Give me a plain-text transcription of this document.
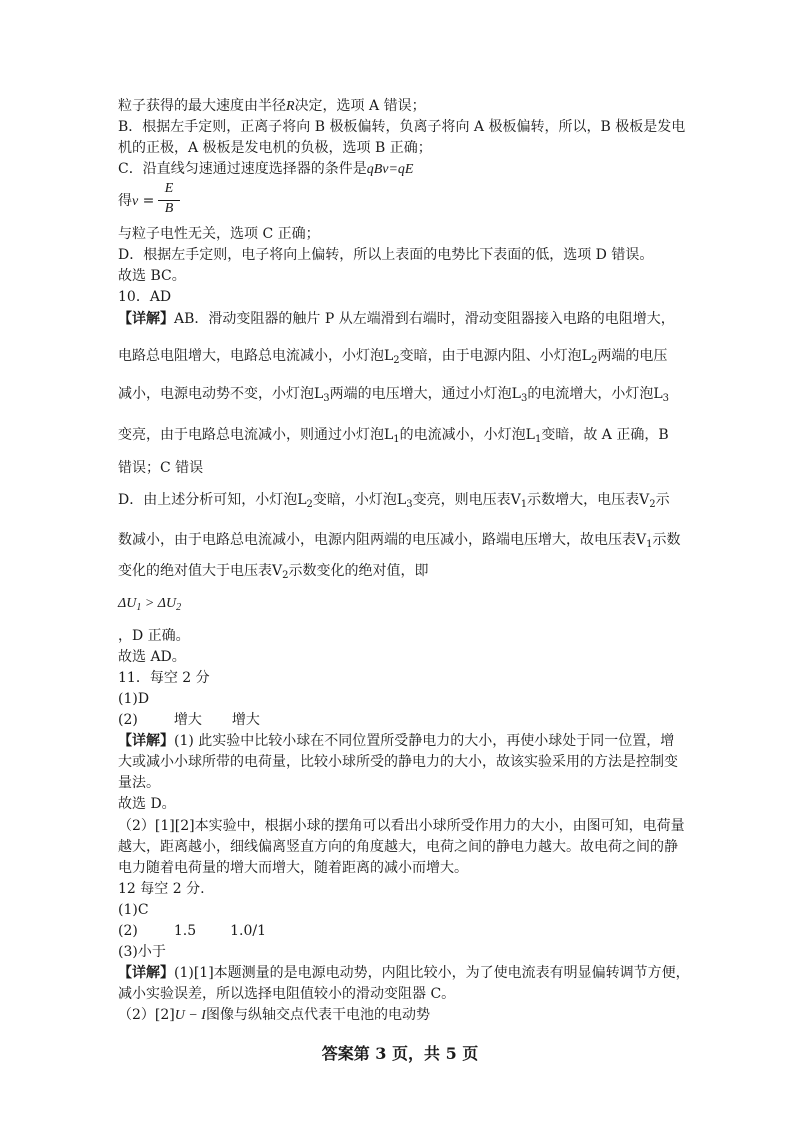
粒子获得的最大速度由半径R决定，选项 A 错误；
B．根据左手定则，正离子将向 B 极板偏转，负离子将向 A 极板偏转，所以，B 极板是发电
机的正极，A 极板是发电机的负极，选项 B 正确；
C．沿直线匀速通过速度选择器的条件是qBv=qE
得v =
E
B
与粒子电性无关，选项 C 正确；
D．根据左手定则，电子将向上偏转，所以上表面的电势比下表面的低，选项 D 错误。
故选 BC。
10．AD
【详解】AB．滑动变阻器的触片 P 从左端滑到右端时，滑动变阻器接入电路的电阻增大，
电路总电阻增大，电路总电流减小，小灯泡$L_2$变暗，由于电源内阻、小灯泡$L_2$两端的电压
减小，电源电动势不变，小灯泡$L_3$两端的电压增大，通过小灯泡$L_3$的电流增大，小灯泡$L_3$
变亮，由于电路总电流减小，则通过小灯泡$L_1$的电流减小，小灯泡$L_1$变暗，故 A 正确，B
错误；C 错误
D．由上述分析可知，小灯泡$L_2$变暗，小灯泡$L_3$变亮，则电压表$V_1$示数增大，电压表$V_2$示
数减小，由于电路总电流减小，电源内阻两端的电压减小，路端电压增大，故电压表$V_1$示数
变化的绝对值大于电压表$V_2$示数变化的绝对值，即
$\Delta U_1 > \Delta U_2$
，D 正确。
故选 AD。
11．每空 2 分
(1)D
(2)	增大 增大
【详解】(1) 此实验中比较小球在不同位置所受静电力的大小，再使小球处于同一位置，增
大或减小小球所带的电荷量，比较小球所受的静电力的大小，故该实验采用的方法是控制变
量法。
故选 D。
（2）[1][2]本实验中，根据小球的摆角可以看出小球所受作用力的大小，由图可知，电荷量
越大，距离越小，细线偏离竖直方向的角度越大，电荷之间的静电力越大。故电荷之间的静
电力随着电荷量的增大而增大，随着距离的减小而增大。
12 每空 2 分.
(1)C
(2)	1.5 1.0/1
(3)小于
【详解】(1)[1]本题测量的是电源电动势，内阻比较小，为了使电流表有明显偏转调节方便，
减小实验误差，所以选择电阻值较小的滑动变阻器 C。
（2）[2]U − I图像与纵轴交点代表干电池的电动势
答案第 3 页，共 5 页
